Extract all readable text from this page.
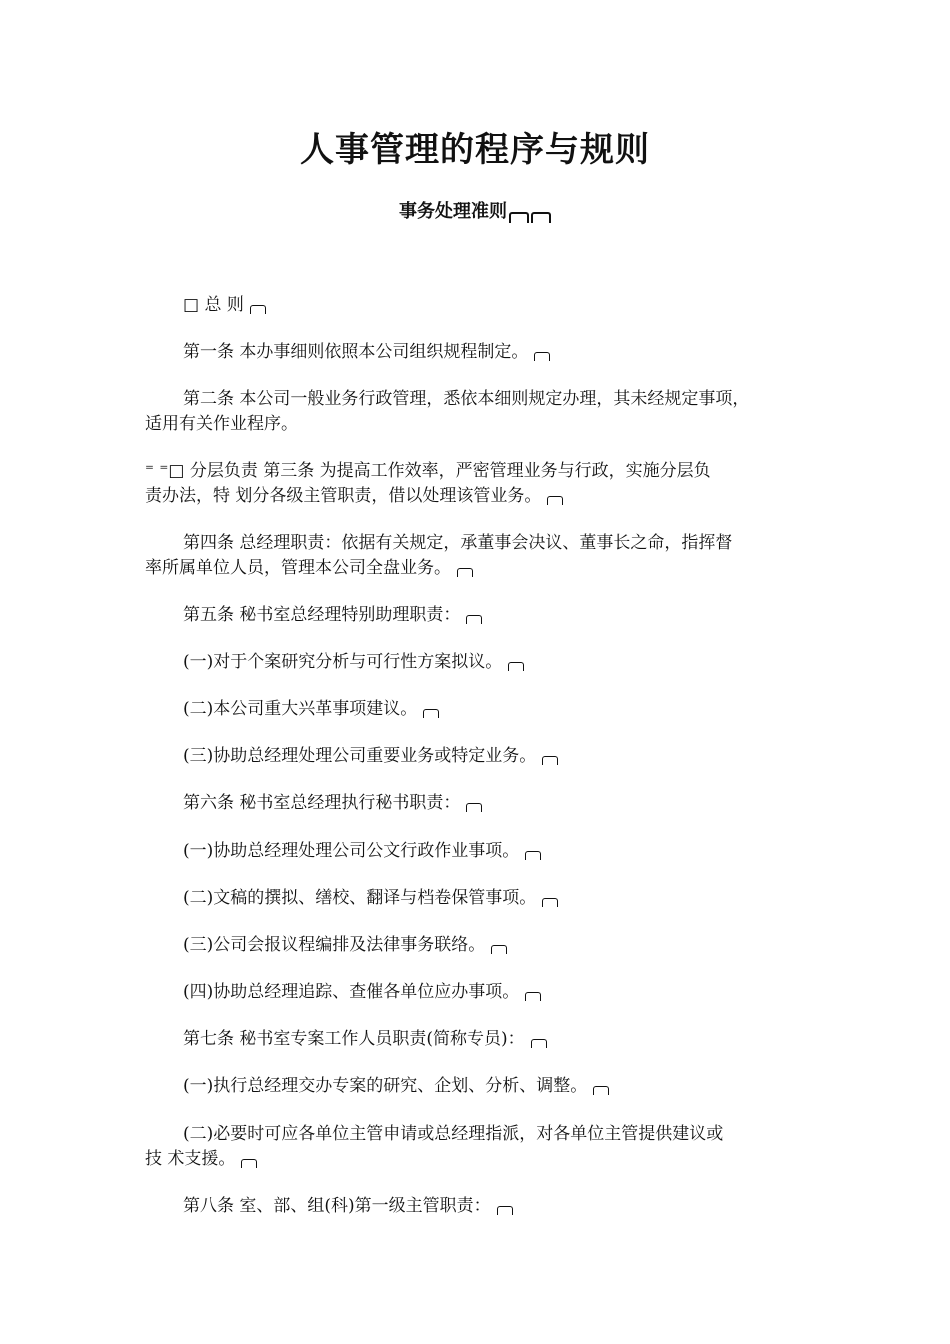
人事管理的程序与规则
事务处理准则
□ 总 则
第一条 本办事细则依照本公司组织规程制定。
第二条 本公司一般业务行政管理，悉依本细则规定办理，其未经规定事项，
适用有关作业程序。
⁼ ⁼□ 分层负责 第三条 为提高工作效率，严密管理业务与行政，实施分层负
责办法，特 划分各级主管职责，借以处理该管业务。
第四条 总经理职责：依据有关规定，承董事会决议、董事长之命，指挥督
率所属单位人员，管理本公司全盘业务。
第五条 秘书室总经理特别助理职责：
(一)对于个案研究分析与可行性方案拟议。
(二)本公司重大兴革事项建议。
(三)协助总经理处理公司重要业务或特定业务。
第六条 秘书室总经理执行秘书职责：
(一)协助总经理处理公司公文行政作业事项。
(二)文稿的撰拟、缮校、翻译与档卷保管事项。
(三)公司会报议程编排及法律事务联络。
(四)协助总经理追踪、查催各单位应办事项。
第七条 秘书室专案工作人员职责(简称专员)：
(一)执行总经理交办专案的研究、企划、分析、调整。
(二)必要时可应各单位主管申请或总经理指派，对各单位主管提供建议或
技 术支援。
第八条 室、部、组(科)第一级主管职责：
